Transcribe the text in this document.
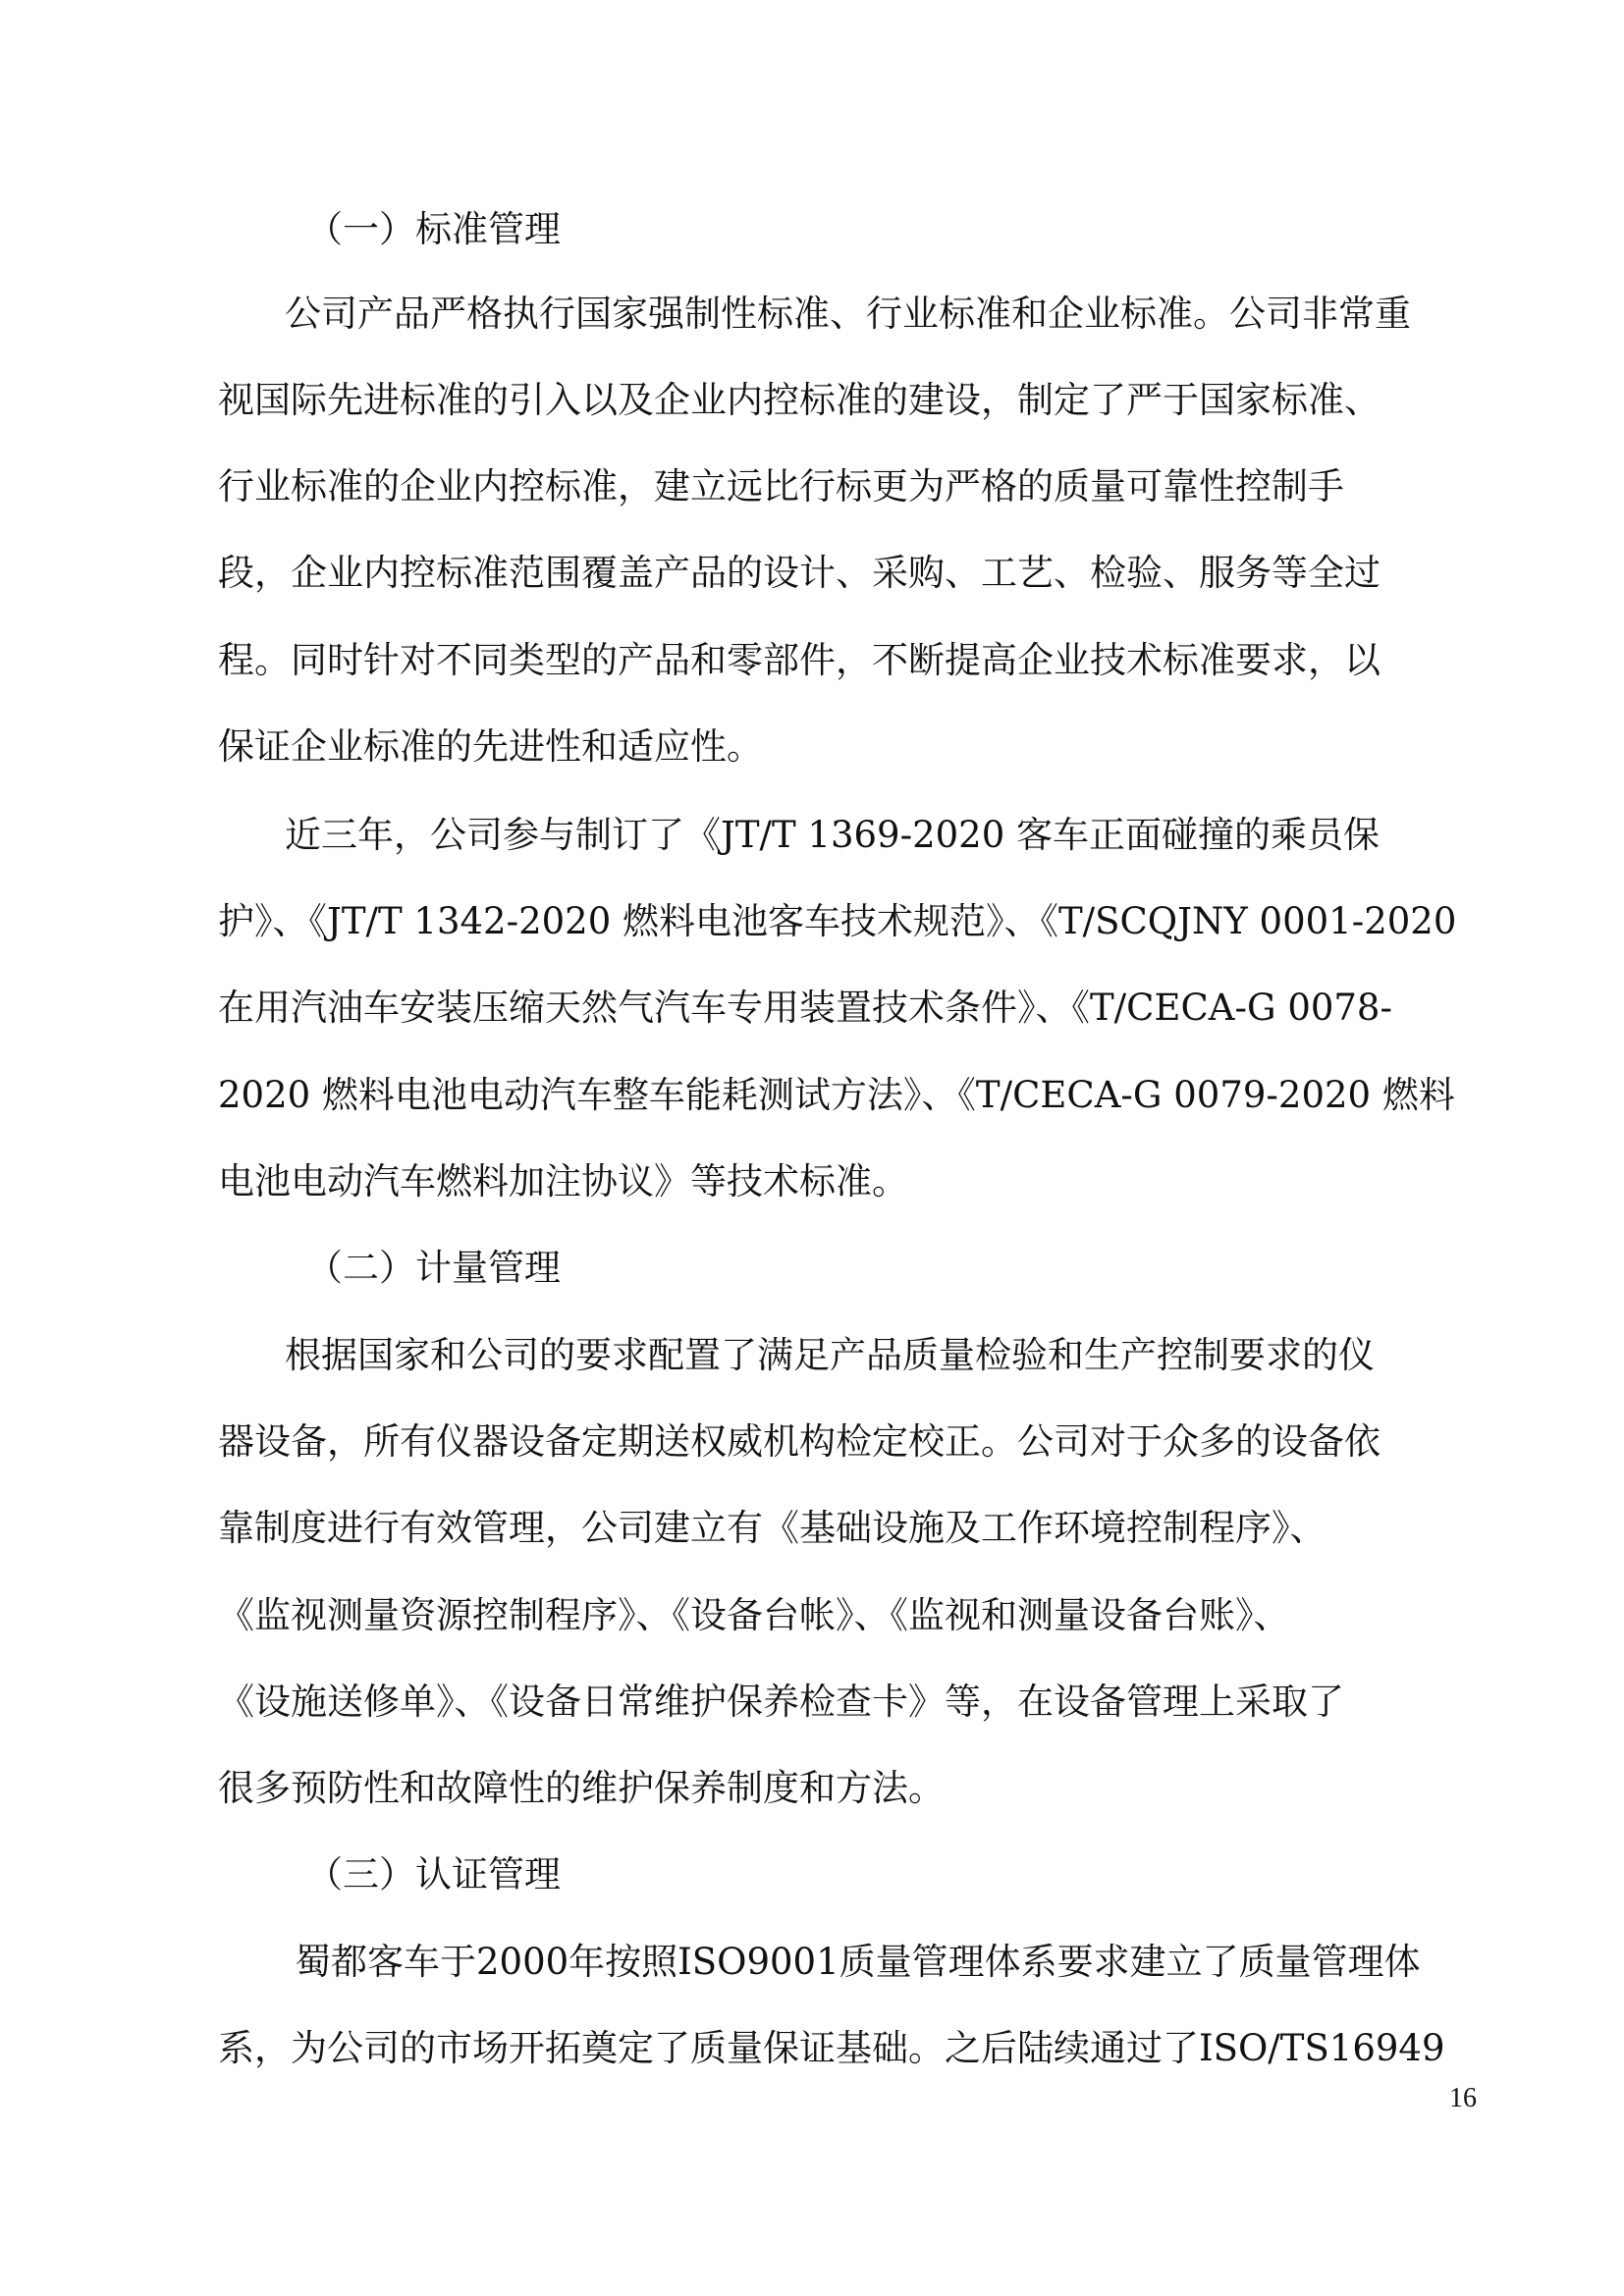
（一）标准管理
公司产品严格执行国家强制性标准、行业标准和企业标准。公司非常重
视国际先进标准的引入以及企业内控标准的建设，制定了严于国家标准、
行业标准的企业内控标准，建立远比行标更为严格的质量可靠性控制手
段，企业内控标准范围覆盖产品的设计、采购、工艺、检验、服务等全过
程。同时针对不同类型的产品和零部件，不断提高企业技术标准要求，以
保证企业标准的先进性和适应性。
近三年，公司参与制订了《JT/T 1369-2020 客车正面碰撞的乘员保
护》、《JT/T 1342-2020 燃料电池客车技术规范》、《T/SCQJNY 0001-2020
在用汽油车安装压缩天然气汽车专用装置技术条件》、《T/CECA-G 0078-
2020 燃料电池电动汽车整车能耗测试方法》、《T/CECA-G 0079-2020 燃料
电池电动汽车燃料加注协议》等技术标准。
（二）计量管理
根据国家和公司的要求配置了满足产品质量检验和生产控制要求的仪
器设备，所有仪器设备定期送权威机构检定校正。公司对于众多的设备依
靠制度进行有效管理，公司建立有《基础设施及工作环境控制程序》、
《监视测量资源控制程序》、《设备台帐》、《监视和测量设备台账》、
《设施送修单》、《设备日常维护保养检查卡》等，在设备管理上采取了
很多预防性和故障性的维护保养制度和方法。
（三）认证管理
蜀都客车于2000年按照ISO9001质量管理体系要求建立了质量管理体
系，为公司的市场开拓奠定了质量保证基础。之后陆续通过了ISO/TS16949
16
